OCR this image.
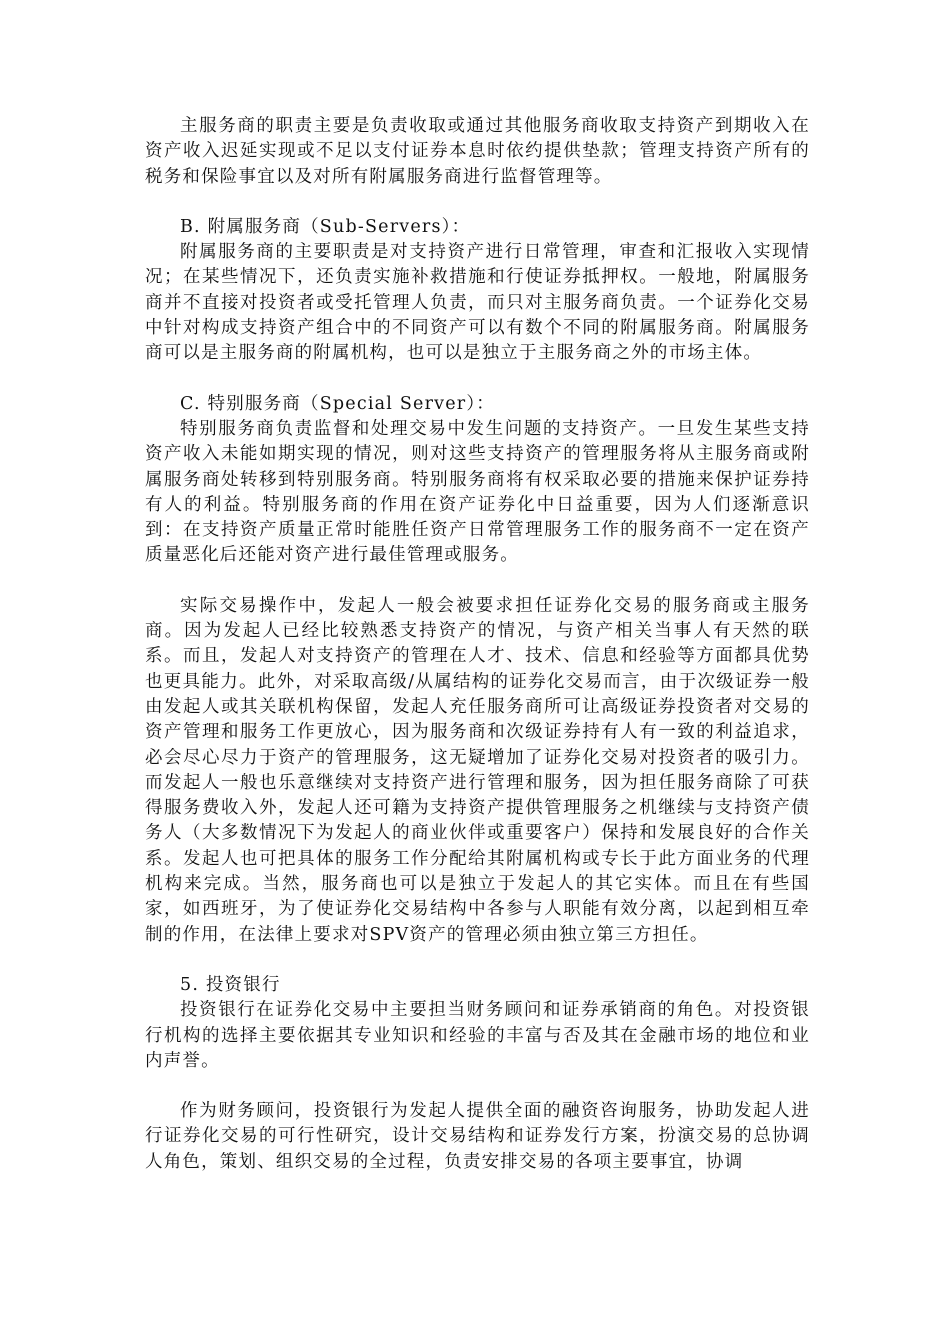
主服务商的职责主要是负责收取或通过其他服务商收取支持资产到期收入在资产收入迟延实现或不足以支付证券本息时依约提供垫款；管理支持资产所有的税务和保险事宜以及对所有附属服务商进行监督管理等。

B. 附属服务商（Sub-Servers）：

附属服务商的主要职责是对支持资产进行日常管理，审查和汇报收入实现情况；在某些情况下，还负责实施补救措施和行使证券抵押权。一般地，附属服务商并不直接对投资者或受托管理人负责，而只对主服务商负责。一个证券化交易中针对构成支持资产组合中的不同资产可以有数个不同的附属服务商。附属服务商可以是主服务商的附属机构，也可以是独立于主服务商之外的市场主体。

C. 特别服务商（Special Server）：

特别服务商负责监督和处理交易中发生问题的支持资产。一旦发生某些支持资产收入未能如期实现的情况，则对这些支持资产的管理服务将从主服务商或附属服务商处转移到特别服务商。特别服务商将有权采取必要的措施来保护证券持有人的利益。特别服务商的作用在资产证券化中日益重要，因为人们逐渐意识到：在支持资产质量正常时能胜任资产日常管理服务工作的服务商不一定在资产质量恶化后还能对资产进行最佳管理或服务。

实际交易操作中，发起人一般会被要求担任证券化交易的服务商或主服务商。因为发起人已经比较熟悉支持资产的情况，与资产相关当事人有天然的联系。而且，发起人对支持资产的管理在人才、技术、信息和经验等方面都具优势也更具能力。此外，对采取高级/从属结构的证券化交易而言，由于次级证券一般由发起人或其关联机构保留，发起人充任服务商所可让高级证券投资者对交易的资产管理和服务工作更放心，因为服务商和次级证券持有人有一致的利益追求，必会尽心尽力于资产的管理服务，这无疑增加了证券化交易对投资者的吸引力。而发起人一般也乐意继续对支持资产进行管理和服务，因为担任服务商除了可获得服务费收入外，发起人还可籍为支持资产提供管理服务之机继续与支持资产债务人（大多数情况下为发起人的商业伙伴或重要客户）保持和发展良好的合作关系。发起人也可把具体的服务工作分配给其附属机构或专长于此方面业务的代理机构来完成。当然，服务商也可以是独立于发起人的其它实体。而且在有些国家，如西班牙，为了使证券化交易结构中各参与人职能有效分离，以起到相互牵制的作用，在法律上要求对SPV资产的管理必须由独立第三方担任。

5. 投资银行

投资银行在证券化交易中主要担当财务顾问和证券承销商的角色。对投资银行机构的选择主要依据其专业知识和经验的丰富与否及其在金融市场的地位和业内声誉。

作为财务顾问，投资银行为发起人提供全面的融资咨询服务，协助发起人进行证券化交易的可行性研究，设计交易结构和证券发行方案，扮演交易的总协调人角色，策划、组织交易的全过程，负责安排交易的各项主要事宜，协调
